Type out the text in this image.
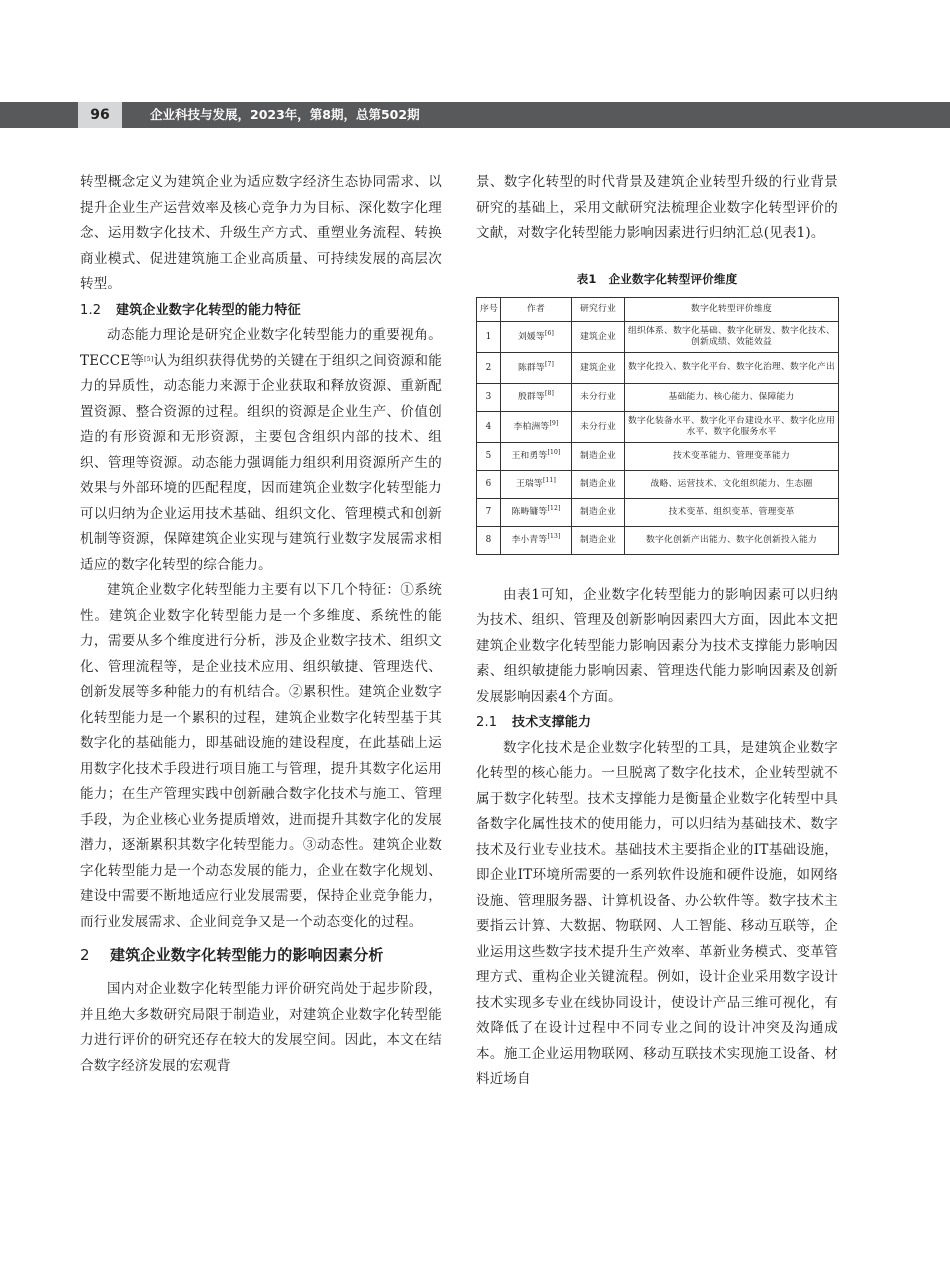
96	企业科技与发展，2023年，第8期，总第502期

转型概念定义为建筑企业为适应数字经济生态协同需求、以提升企业生产运营效率及核心竞争力为目标、深化数字化理念、运用数字化技术、升级生产方式、重塑业务流程、转换商业模式、促进建筑施工企业高质量、可持续发展的高层次转型。

1.2 建筑企业数字化转型的能力特征

动态能力理论是研究企业数字化转型能力的重要视角。TECCE等[5]认为组织获得优势的关键在于组织之间资源和能力的异质性，动态能力来源于企业获取和释放资源、重新配置资源、整合资源的过程。组织的资源是企业生产、价值创造的有形资源和无形资源，主要包含组织内部的技术、组织、管理等资源。动态能力强调能力组织利用资源所产生的效果与外部环境的匹配程度，因而建筑企业数字化转型能力可以归纳为企业运用技术基础、组织文化、管理模式和创新机制等资源，保障建筑企业实现与建筑行业数字发展需求相适应的数字化转型的综合能力。

建筑企业数字化转型能力主要有以下几个特征：①系统性。建筑企业数字化转型能力是一个多维度、系统性的能力，需要从多个维度进行分析，涉及企业数字技术、组织文化、管理流程等，是企业技术应用、组织敏捷、管理迭代、创新发展等多种能力的有机结合。②累积性。建筑企业数字化转型能力是一个累积的过程，建筑企业数字化转型基于其数字化的基础能力，即基础设施的建设程度，在此基础上运用数字化技术手段进行项目施工与管理，提升其数字化运用能力；在生产管理实践中创新融合数字化技术与施工、管理手段，为企业核心业务提质增效，进而提升其数字化的发展潜力，逐渐累积其数字化转型能力。③动态性。建筑企业数字化转型能力是一个动态发展的能力，企业在数字化规划、建设中需要不断地适应行业发展需要，保持企业竞争能力，而行业发展需求、企业间竞争又是一个动态变化的过程。

2 建筑企业数字化转型能力的影响因素分析

国内对企业数字化转型能力评价研究尚处于起步阶段，并且绝大多数研究局限于制造业，对建筑企业数字化转型能力进行评价的研究还存在较大的发展空间。因此，本文在结合数字经济发展的宏观背

景、数字化转型的时代背景及建筑企业转型升级的行业背景研究的基础上，采用文献研究法梳理企业数字化转型评价的文献，对数字化转型能力影响因素进行归纳汇总(见表1)。

表1 企业数字化转型评价维度
序号	作者	研究行业	数字化转型评价维度
1	刘媛等[6]	建筑企业	组织体系、数字化基础、数字化研发、数字化技术、创新成绩、效能效益
2	陈群等[7]	建筑企业	数字化投入、数字化平台、数字化治理、数字化产出
3	殷群等[8]	未分行业	基础能力、核心能力、保障能力
4	李柏洲等[9]	未分行业	数字化装备水平、数字化平台建设水平、数字化应用水平、数字化服务水平
5	王和勇等[10]	制造企业	技术变革能力、管理变革能力
6	王瑞等[11]	制造企业	战略、运营技术、文化组织能力、生态圈
7	陈畴镛等[12]	制造企业	技术变革、组织变革、管理变革
8	李小青等[13]	制造企业	数字化创新产出能力、数字化创新投入能力

由表1可知，企业数字化转型能力的影响因素可以归纳为技术、组织、管理及创新影响因素四大方面，因此本文把建筑企业数字化转型能力影响因素分为技术支撑能力影响因素、组织敏捷能力影响因素、管理迭代能力影响因素及创新发展影响因素4个方面。

2.1 技术支撑能力

数字化技术是企业数字化转型的工具，是建筑企业数字化转型的核心能力。一旦脱离了数字化技术，企业转型就不属于数字化转型。技术支撑能力是衡量企业数字化转型中具备数字化属性技术的使用能力，可以归结为基础技术、数字技术及行业专业技术。基础技术主要指企业的IT基础设施，即企业IT环境所需要的一系列软件设施和硬件设施，如网络设施、管理服务器、计算机设备、办公软件等。数字技术主要指云计算、大数据、物联网、人工智能、移动互联等，企业运用这些数字技术提升生产效率、革新业务模式、变革管理方式、重构企业关键流程。例如，设计企业采用数字设计技术实现多专业在线协同设计，使设计产品三维可视化，有效降低了在设计过程中不同专业之间的设计冲突及沟通成本。施工企业运用物联网、移动互联技术实现施工设备、材料近场自
